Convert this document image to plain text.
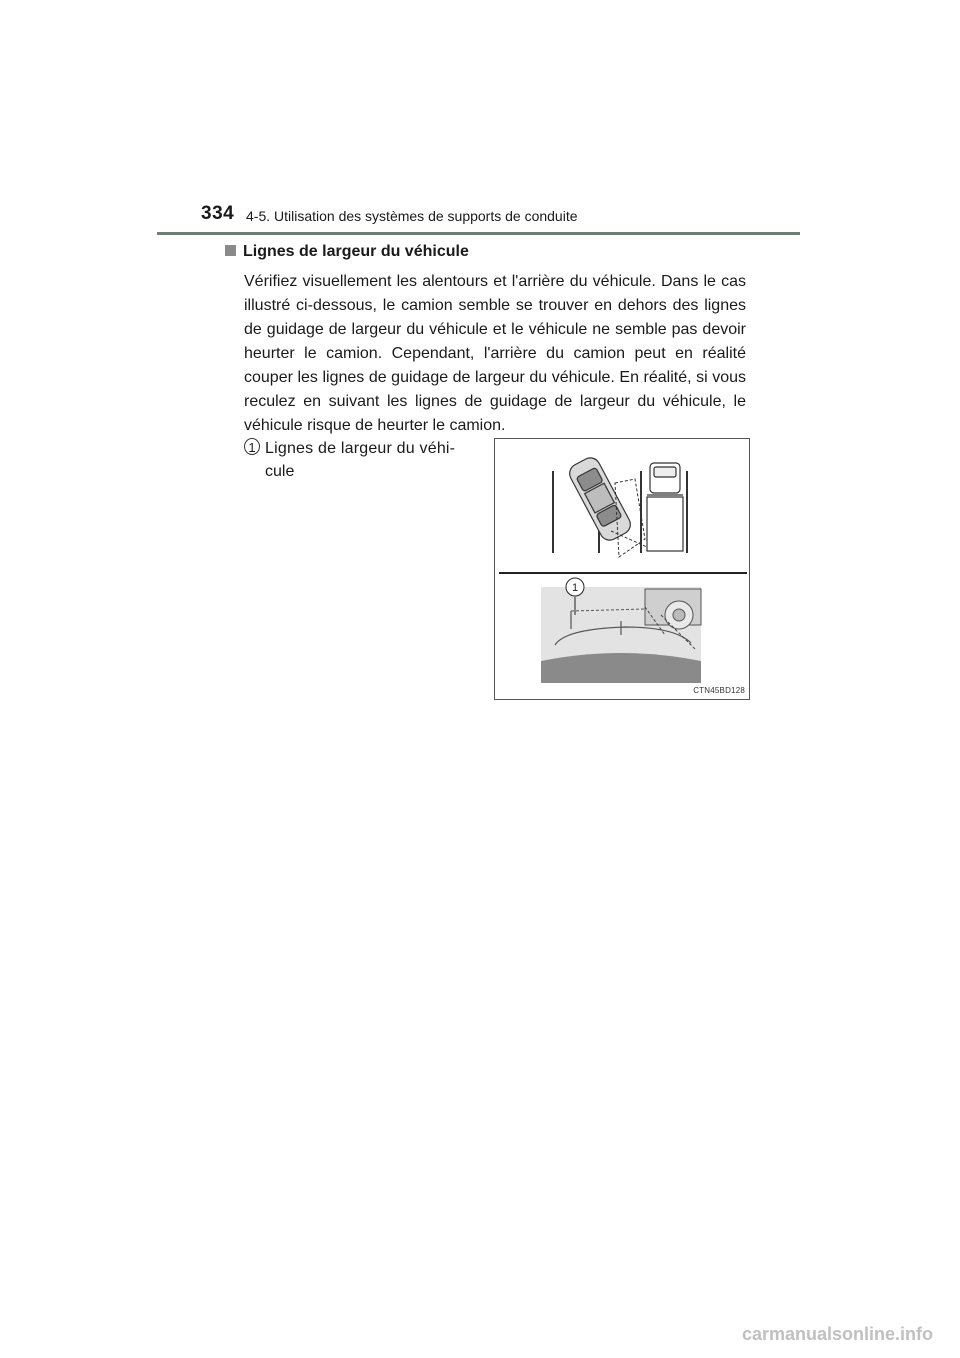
334 4-5. Utilisation des systèmes de supports de conduite
Lignes de largeur du véhicule
Vérifiez visuellement les alentours et l'arrière du véhicule. Dans le cas illustré ci-dessous, le camion semble se trouver en dehors des lignes de guidage de largeur du véhicule et le véhicule ne semble pas devoir heurter le camion. Cependant, l'arrière du camion peut en réalité couper les lignes de guidage de largeur du véhicule. En réalité, si vous reculez en suivant les lignes de guidage de largeur du véhicule, le véhicule risque de heurter le camion.
1 Lignes de largeur du véhi-
cule
1
CTN45BD128
carmanualsonline.info
